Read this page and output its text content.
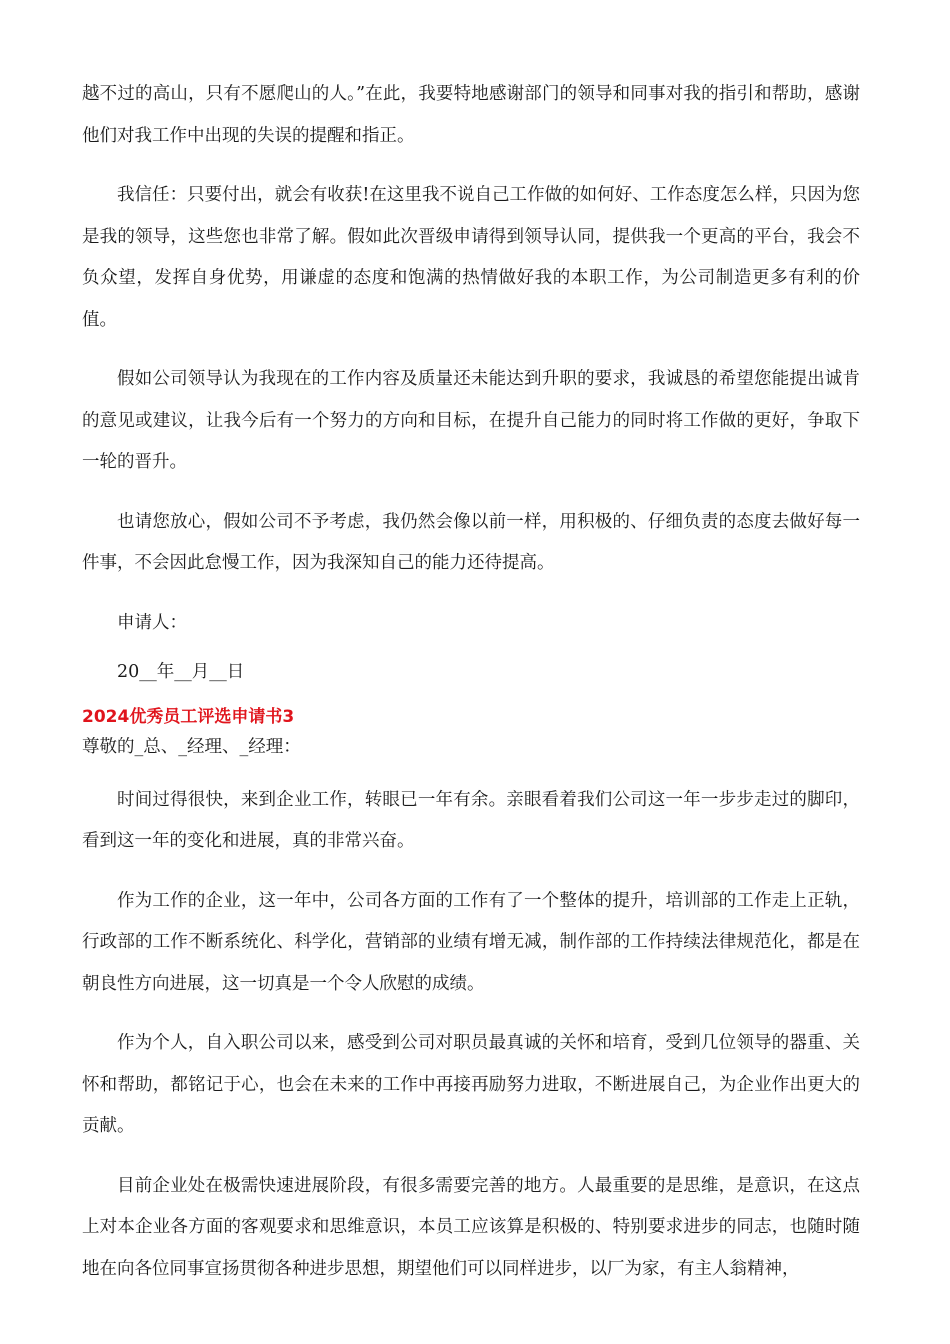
越不过的高山，只有不愿爬山的人。”在此，我要特地感谢部门的领导和同事对我的指引和帮助，感谢他们对我工作中出现的失误的提醒和指正。

我信任：只要付出，就会有收获!在这里我不说自己工作做的如何好、工作态度怎么样，只因为您是我的领导，这些您也非常了解。假如此次晋级申请得到领导认同，提供我一个更高的平台，我会不负众望，发挥自身优势，用谦虚的态度和饱满的热情做好我的本职工作，为公司制造更多有利的价值。

假如公司领导认为我现在的工作内容及质量还未能达到升职的要求，我诚恳的希望您能提出诚肯的意见或建议，让我今后有一个努力的方向和目标，在提升自己能力的同时将工作做的更好，争取下一轮的晋升。

也请您放心，假如公司不予考虑，我仍然会像以前一样，用积极的、仔细负责的态度去做好每一件事，不会因此怠慢工作，因为我深知自己的能力还待提高。

申请人：

20__年__月__日

2024优秀员工评选申请书3

尊敬的_总、_经理、_经理：

时间过得很快，来到企业工作，转眼已一年有余。亲眼看着我们公司这一年一步步走过的脚印，看到这一年的变化和进展，真的非常兴奋。

作为工作的企业，这一年中，公司各方面的工作有了一个整体的提升，培训部的工作走上正轨，行政部的工作不断系统化、科学化，营销部的业绩有增无减，制作部的工作持续法律规范化，都是在朝良性方向进展，这一切真是一个令人欣慰的成绩。

作为个人，自入职公司以来，感受到公司对职员最真诚的关怀和培育，受到几位领导的器重、关怀和帮助，都铭记于心，也会在未来的工作中再接再励努力进取，不断进展自己，为企业作出更大的贡献。

目前企业处在极需快速进展阶段，有很多需要完善的地方。人最重要的是思维，是意识，在这点上对本企业各方面的客观要求和思维意识，本员工应该算是积极的、特别要求进步的同志，也随时随地在向各位同事宣扬贯彻各种进步思想，期望他们可以同样进步，以厂为家，有主人翁精神，
